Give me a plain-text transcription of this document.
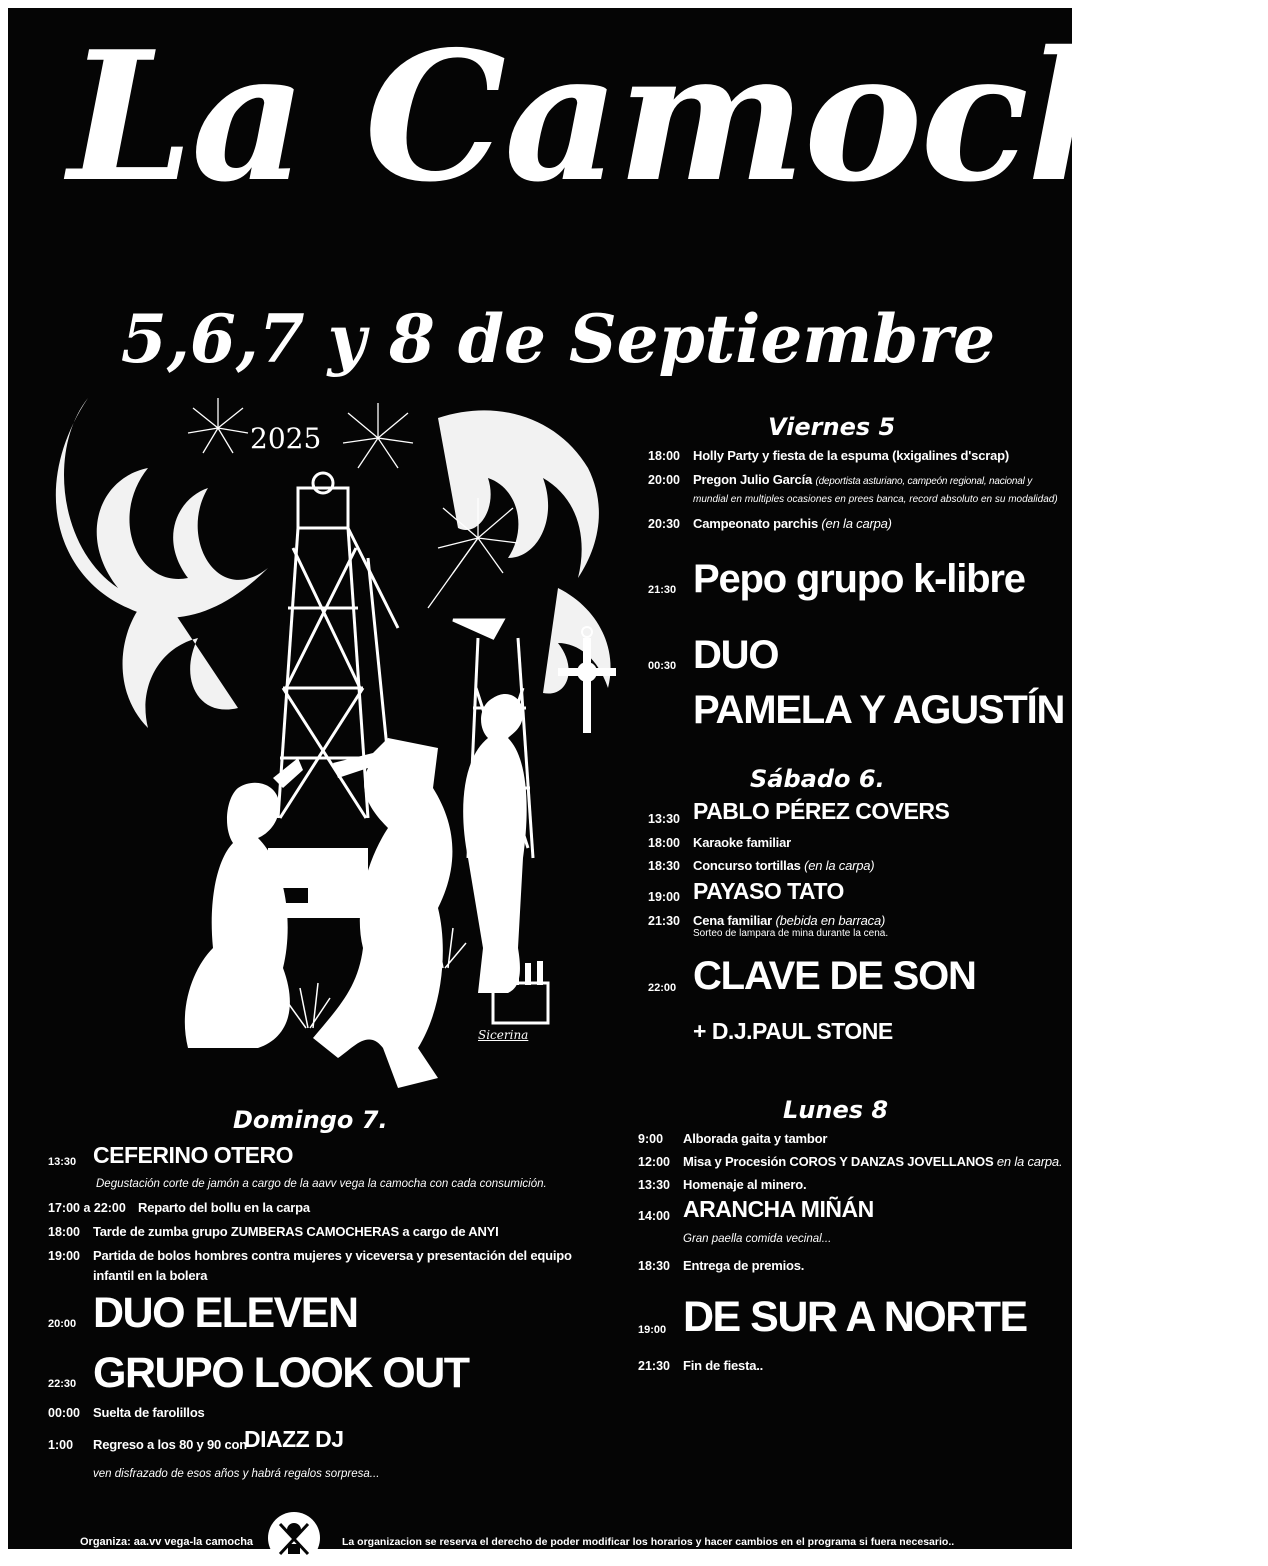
La Camocha
5,6,7 y 8 de Septiembre
2025
Sicerina
Viernes 5
18:00 Holly Party y fiesta de la espuma (kxigalines d'scrap)
20:00 Pregon Julio García (deportista asturiano, campeón regional, nacional y
mundial en multiples ocasiones en prees banca, record absoluto en su modalidad)
20:30 Campeonato parchis (en la carpa)
21:30 Pepo grupo k-libre
00:30 DUO
PAMELA Y AGUSTÍN
Sábado 6.
13:30 PABLO PÉREZ COVERS
18:00 Karaoke familiar
18:30 Concurso tortillas (en la carpa)
19:00 PAYASO TATO
21:30 Cena familiar (bebida en barraca)
Sorteo de lampara de mina durante la cena.
22:00 CLAVE DE SON
+ D.J.PAUL STONE
Domingo 7.
13:30 CEFERINO OTERO
Degustación corte de jamón a cargo de la aavv vega la camocha con cada consumición.
17:00 a 22:00 Reparto del bollu en la carpa
18:00 Tarde de zumba grupo ZUMBERAS CAMOCHERAS a cargo de ANYI
19:00 Partida de bolos hombres contra mujeres y viceversa y presentación del equipo
infantil en la bolera
20:00 DUO ELEVEN
22:30 GRUPO LOOK OUT
00:00 Suelta de farolillos
1:00 Regreso a los 80 y 90 con
DIAZZ DJ
ven disfrazado de esos años y habrá regalos sorpresa...
Lunes 8
9:00 Alborada gaita y tambor
12:00 Misa y Procesión COROS Y DANZAS JOVELLANOS en la carpa.
13:30 Homenaje al minero.
14:00 ARANCHA MIÑÁN
Gran paella comida vecinal...
18:30 Entrega de premios.
19:00 DE SUR A NORTE
21:30 Fin de fiesta..
Organiza: aa.vv vega-la camocha	La organizacion se reserva el derecho de poder modificar los horarios y hacer cambios en el programa si fuera necesario..
